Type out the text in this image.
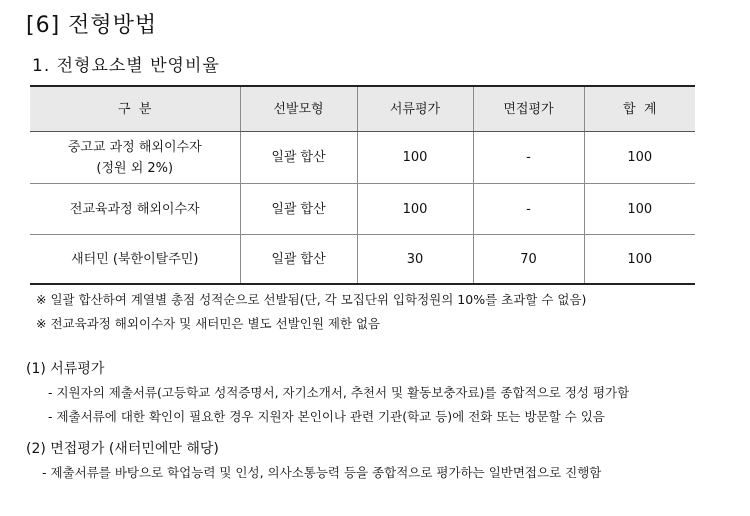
[6] 전형방법
1. 전형요소별 반영비율
구  분	선발모형	서류평가	면접평가	합  계

중고교 과정 해외이수자
(정원 외 2%)	일괄 합산	100	-	100
전교육과정 해외이수자	일괄 합산	100	-	100
새터민 (북한이탈주민)	일괄 합산	30	70	100
※ 일괄 합산하여 계열별 총점 성적순으로 선발됨(단, 각 모집단위 입학정원의 10%를 초과할 수 없음)
※ 전교육과정 해외이수자 및 새터민은 별도 선발인원 제한 없음
(1) 서류평가
- 지원자의 제출서류(고등학교 성적증명서, 자기소개서, 추천서 및 활동보충자료)를 종합적으로 정성 평가함
- 제출서류에 대한 확인이 필요한 경우 지원자 본인이나 관련 기관(학교 등)에 전화 또는 방문할 수 있음
(2) 면접평가 (새터민에만 해당)
- 제출서류를 바탕으로 학업능력 및 인성, 의사소통능력 등을 종합적으로 평가하는 일반면접으로 진행함
